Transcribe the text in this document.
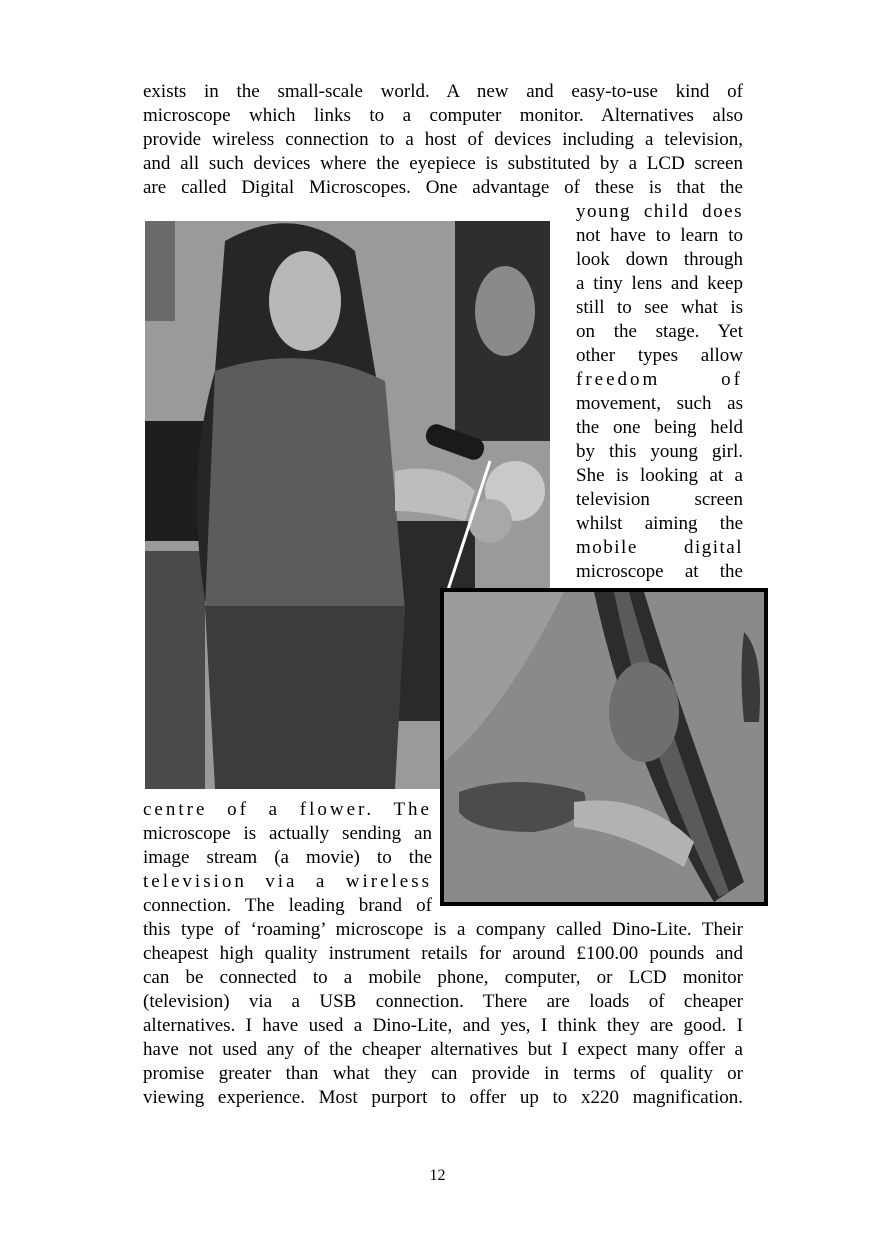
exists in the small-scale world. A new and easy-to-use kind of
microscope which links to a computer monitor. Alternatives also
provide wireless connection to a host of devices including a television,
and all such devices where the eyepiece is substituted by a LCD screen
are called Digital Microscopes. One advantage of these is that the
young child does
not have to learn to
look down through
a tiny lens and keep
still to see what is
on the stage. Yet
other types allow
freedom of
movement, such as
the one being held
by this young girl.
She is looking at a
television screen
whilst aiming the
mobile digital
microscope at the
centre of a flower. The
microscope is actually sending an
image stream (a movie) to the
television via a wireless
connection. The leading brand of
this type of ‘roaming’ microscope is a company called Dino-Lite. Their
cheapest high quality instrument retails for around £100.00 pounds and
can be connected to a mobile phone, computer, or LCD monitor
(television) via a USB connection. There are loads of cheaper
alternatives. I have used a Dino-Lite, and yes, I think they are good. I
have not used any of the cheaper alternatives but I expect many offer a
promise greater than what they can provide in terms of quality or
viewing experience. Most purport to offer up to x220 magnification.
12
